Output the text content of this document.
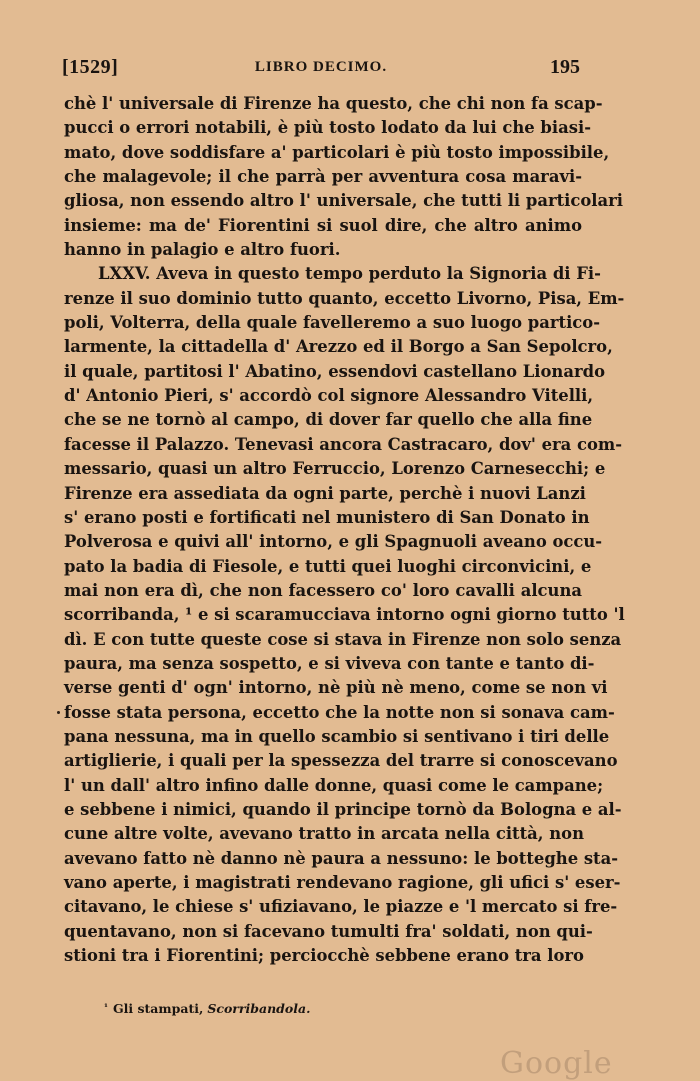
[1529]	LIBRO DECIMO.	195
chè l' universale di Firenze ha questo, che chi non fa scap-
pucci o errori notabili, è più tosto lodato da lui che biasi-
mato, dove soddisfare a' particolari è più tosto impossibile,
che malagevole; il che parrà per avventura cosa maravi-
gliosa, non essendo altro l' universale, che tutti li particolari
insieme: ma de' Fiorentini si suol dire, che altro animo
hanno in palagio e altro fuori.
LXXV. Aveva in questo tempo perduto la Signoria di Fi-
renze il suo dominio tutto quanto, eccetto Livorno, Pisa, Em-
poli, Volterra, della quale favelleremo a suo luogo partico-
larmente, la cittadella d' Arezzo ed il Borgo a San Sepolcro,
il quale, partitosi l' Abatino, essendovi castellano Lionardo
d' Antonio Pieri, s' accordò col signore Alessandro Vitelli,
che se ne tornò al campo, di dover far quello che alla fine
facesse il Palazzo. Tenevasi ancora Castracaro, dov' era com-
messario, quasi un altro Ferruccio, Lorenzo Carnesecchi; e
Firenze era assediata da ogni parte, perchè i nuovi Lanzi
s' erano posti e fortificati nel munistero di San Donato in
Polverosa e quivi all' intorno, e gli Spagnuoli aveano occu-
pato la badia di Fiesole, e tutti quei luoghi circonvicini, e
mai non era dì, che non facessero co' loro cavalli alcuna
scorribanda, ¹ e si scaramucciava intorno ogni giorno tutto 'l
dì. E con tutte queste cose si stava in Firenze non solo senza
paura, ma senza sospetto, e si viveva con tante e tanto di-
verse genti d' ogn' intorno, nè più nè meno, come se non vi
fosse stata persona, eccetto che la notte non si sonava cam-
pana nessuna, ma in quello scambio si sentivano i tiri delle
artiglierie, i quali per la spessezza del trarre si conoscevano
l' un dall' altro infino dalle donne, quasi come le campane;
e sebbene i nimici, quando il principe tornò da Bologna e al-
cune altre volte, avevano tratto in arcata nella città, non
avevano fatto nè danno nè paura a nessuno: le botteghe sta-
vano aperte, i magistrati rendevano ragione, gli ufici s' eser-
citavano, le chiese s' ufiziavano, le piazze e 'l mercato si fre-
quentavano, non si facevano tumulti fra' soldati, non qui-
stioni tra i Fiorentini; perciocchè sebbene erano tra loro
$^{^1}$ Gli stampati, Scorribandola.
Google
